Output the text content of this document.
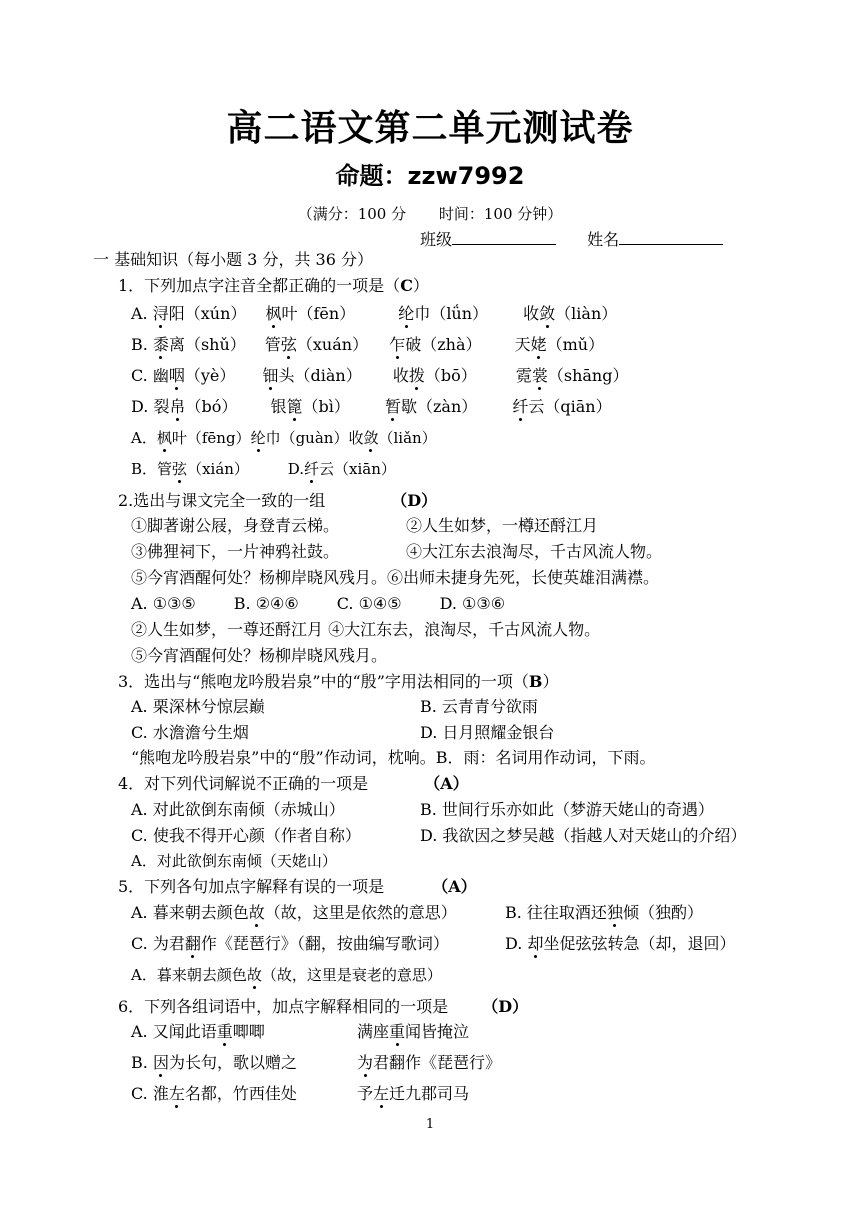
高二语文第二单元测试卷
命题：zzw7992
（满分：100 分 时间：100 分钟）
班级	姓名
一 基础知识（每小题 3 分，共 36 分）
1．下列加点字注音全都正确的一项是（C）
A. 浔阳（xún） 枫叶（fēn）	纶巾（lǘn） 收敛（liàn）
B. 黍离（shǔ） 管弦（xuán） 乍破（zhà） 天姥（mǔ）
C. 幽咽（yè） 钿头（diàn） 收拨（bō） 霓裳（shāng）
D. 裂帛（bó） 银篦（bì） 暂歇（zàn） 纤云（qiān）
A．枫叶（fēng）纶巾（guàn）收敛（liǎn）
B．管弦（xián）	D.纤云（xiān）
2.选出与课文完全一致的一组	（D）
①脚著谢公屐，身登青云梯。	②人生如梦，一樽还酹江月
③佛狸祠下，一片神鸦社鼓。	④大江东去浪淘尽，千古风流人物。
⑤今宵酒醒何处？杨柳岸晓风残月。⑥出师未捷身先死，长使英雄泪满襟。
A. ①③⑤ B. ②④⑥ C. ①④⑤ D. ①③⑥
②人生如梦，一尊还酹江月 ④大江东去，浪淘尽，千古风流人物。
⑤今宵酒醒何处？杨柳岸晓风残月。
3．选出与“熊咆龙吟殷岩泉”中的“殷”字用法相同的一项（B）
A. 栗深林兮惊层巅	B. 云青青兮欲雨
C. 水澹澹兮生烟	D. 日月照耀金银台
“熊咆龙吟殷岩泉”中的“殷”作动词，枕响。B．雨：名词用作动词，下雨。
4．对下列代词解说不正确的一项是	（A）
A. 对此欲倒东南倾（赤城山）	B. 世间行乐亦如此（梦游天姥山的奇遇）
C. 使我不得开心颜（作者自称）	D. 我欲因之梦吴越（指越人对天姥山的介绍）
A．对此欲倒东南倾（天姥山）
5．下列各句加点字解释有误的一项是	（A）
A. 暮来朝去颜色故（故，这里是依然的意思）	B. 往往取酒还独倾（独酌）
C. 为君翻作《琵琶行》（翻，按曲编写歌词）	D. 却坐促弦弦转急（却，退回）
A．暮来朝去颜色故（故，这里是衰老的意思）
6．下列各组词语中，加点字解释相同的一项是 （D）
A. 又闻此语重唧唧	满座重闻皆掩泣
B. 因为长句，歌以赠之	为君翻作《琵琶行》
C. 淮左名都，竹西佳处	予左迁九郡司马
1
